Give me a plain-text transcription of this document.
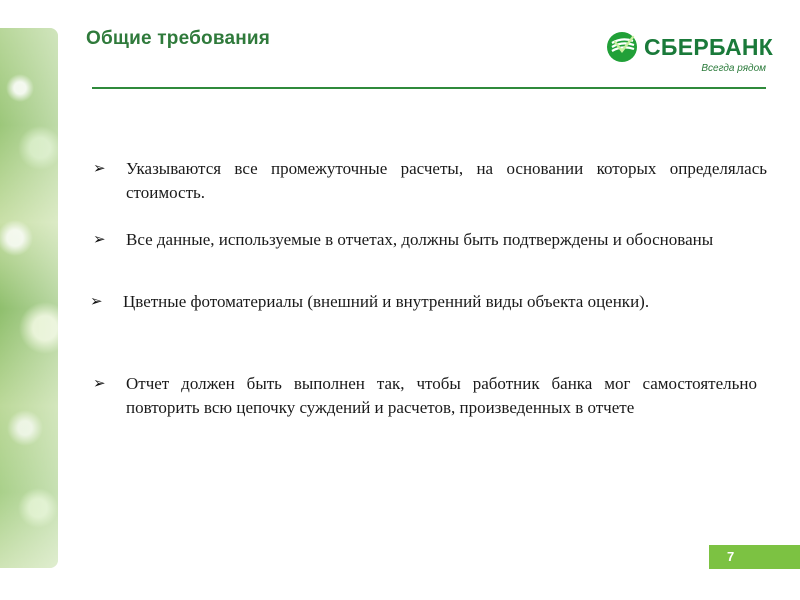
Общие требования	СБЕРБАНК
Всегда рядом
➢	Указываются все промежуточные расчеты, на основании которых определялась стоимость.
➢	Все данные, используемые в отчетах, должны быть подтверждены и обоснованы
➢	Цветные фотоматериалы (внешний и внутренний виды объекта оценки).
➢	Отчет должен быть выполнен так, чтобы работник банка мог самостоятельно повторить всю цепочку суждений и расчетов, произведенных в отчете
7
